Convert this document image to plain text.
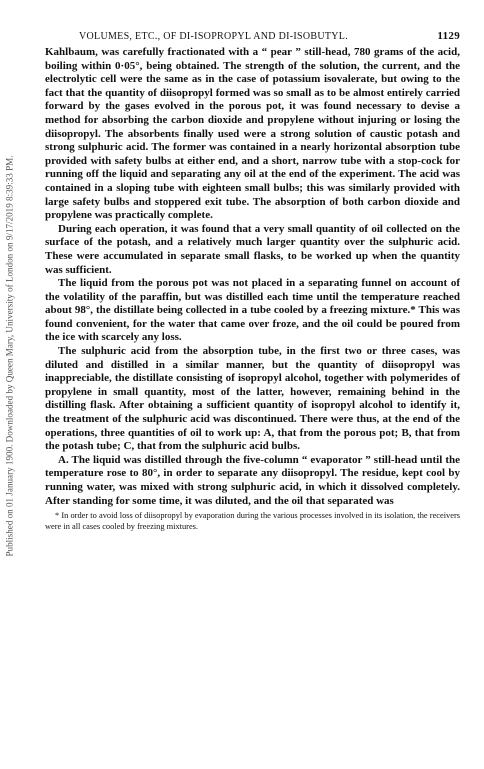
Published on 01 January 1900. Downloaded by Queen Mary, University of London on 9/17/2019 8:39:33 PM.
VOLUMES, ETC., OF DI-ISOPROPYL AND DI-ISOBUTYL.	1129

Kahlbaum, was carefully fractionated with a “ pear ” still-head, 780 grams of the acid, boiling within 0·05°, being obtained. The strength of the solution, the current, and the electrolytic cell were the same as in the case of potassium isovalerate, but owing to the fact that the quantity of diisopropyl formed was so small as to be almost entirely carried forward by the gases evolved in the porous pot, it was found necessary to devise a method for absorbing the carbon dioxide and propylene without injuring or losing the diisopropyl. The absorbents finally used were a strong solution of caustic potash and strong sulphuric acid. The former was contained in a nearly horizontal absorption tube provided with safety bulbs at either end, and a short, narrow tube with a stop-cock for running off the liquid and separating any oil at the end of the experiment. The acid was contained in a sloping tube with eighteen small bulbs; this was similarly provided with large safety bulbs and stoppered exit tube. The absorption of both carbon dioxide and propylene was practically complete.

During each operation, it was found that a very small quantity of oil collected on the surface of the potash, and a relatively much larger quantity over the sulphuric acid. These were accumulated in separate small flasks, to be worked up when the quantity was sufficient.

The liquid from the porous pot was not placed in a separating funnel on account of the volatility of the paraffin, but was distilled each time until the temperature reached about 98°, the distillate being collected in a tube cooled by a freezing mixture.* This was found convenient, for the water that came over froze, and the oil could be poured from the ice with scarcely any loss.

The sulphuric acid from the absorption tube, in the first two or three cases, was diluted and distilled in a similar manner, but the quantity of diisopropyl was inappreciable, the distillate consisting of isopropyl alcohol, together with polymerides of propylene in small quantity, most of the latter, however, remaining behind in the distilling flask. After obtaining a sufficient quantity of isopropyl alcohol to identify it, the treatment of the sulphuric acid was discontinued. There were thus, at the end of the operations, three quantities of oil to work up: A, that from the porous pot; B, that from the potash tube; C, that from the sulphuric acid bulbs.

A. The liquid was distilled through the five-column “ evaporator ” still-head until the temperature rose to 80°, in order to separate any diisopropyl. The residue, kept cool by running water, was mixed with strong sulphuric acid, in which it dissolved completely. After standing for some time, it was diluted, and the oil that separated was

* In order to avoid loss of diisopropyl by evaporation during the various processes involved in its isolation, the receivers were in all cases cooled by freezing mixtures.
